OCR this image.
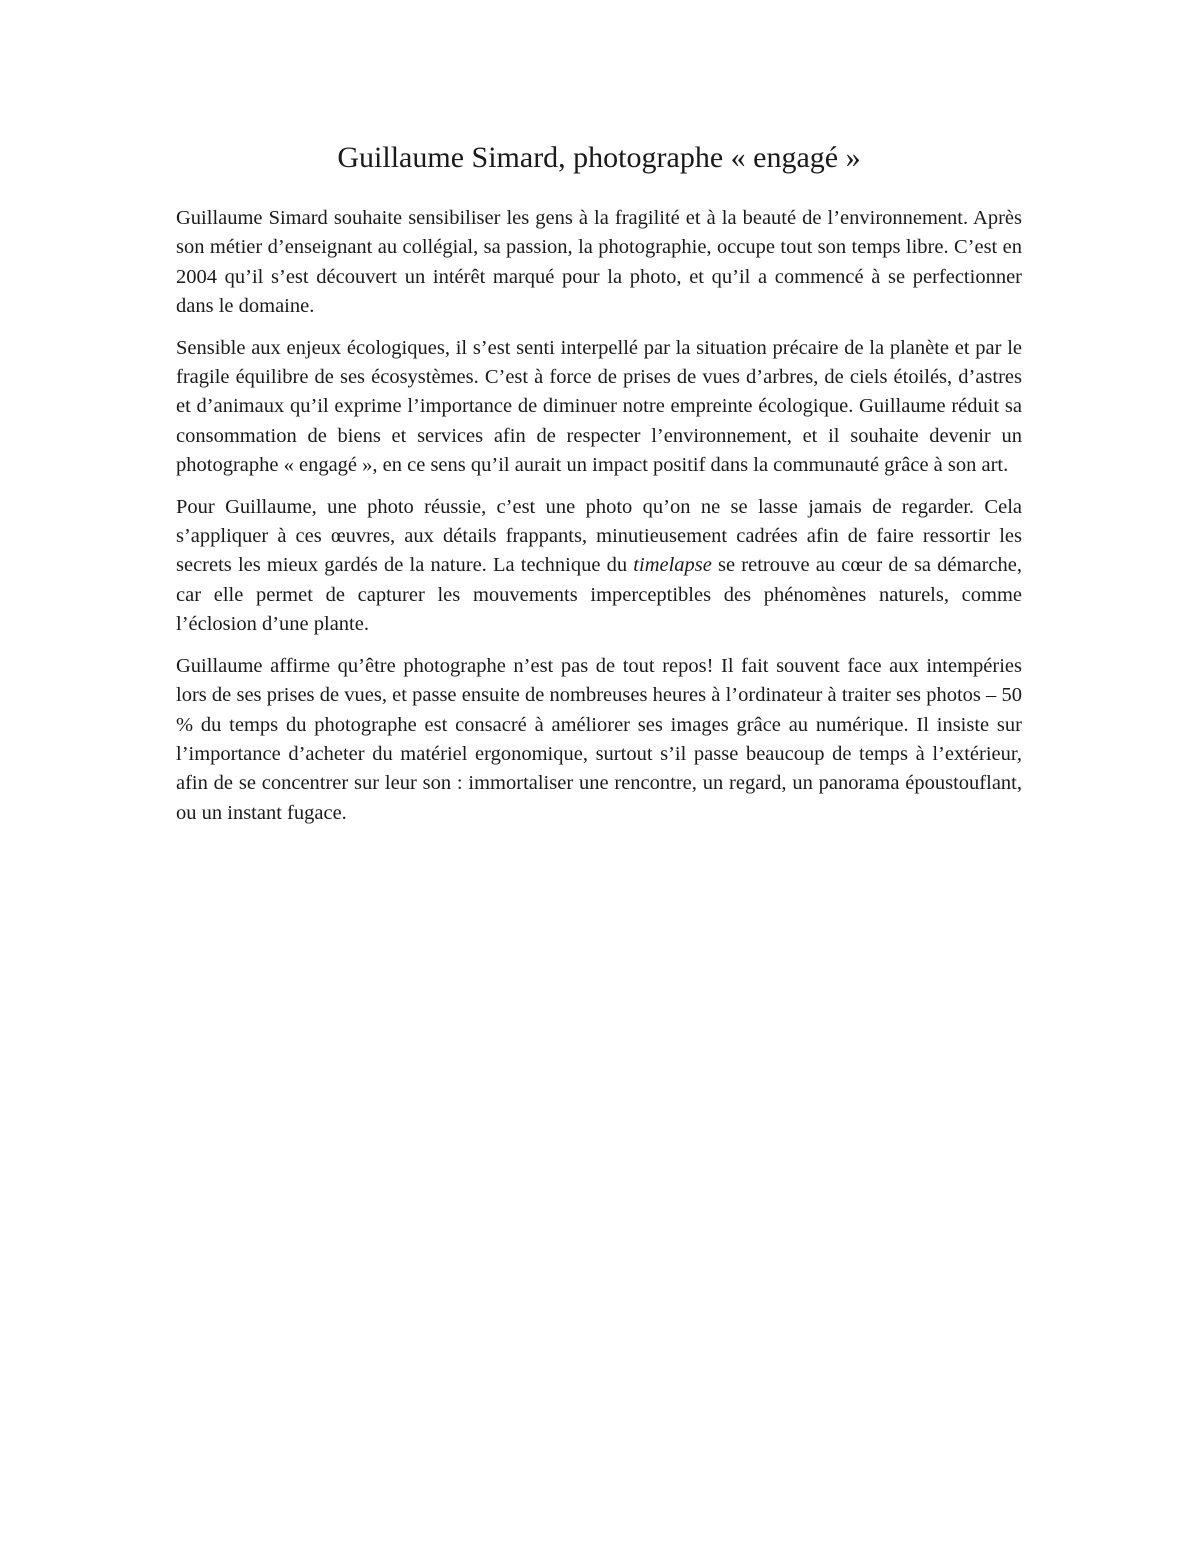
Guillaume Simard, photographe « engagé »

Guillaume Simard souhaite sensibiliser les gens à la fragilité et à la beauté de l’environnement. Après son métier d’enseignant au collégial, sa passion, la photographie, occupe tout son temps libre. C’est en 2004 qu’il s’est découvert un intérêt marqué pour la photo, et qu’il a commencé à se perfectionner dans le domaine.

Sensible aux enjeux écologiques, il s’est senti interpellé par la situation précaire de la planète et par le fragile équilibre de ses écosystèmes. C’est à force de prises de vues d’arbres, de ciels étoilés, d’astres et d’animaux qu’il exprime l’importance de diminuer notre empreinte écologique. Guillaume réduit sa consommation de biens et services afin de respecter l’environnement, et il souhaite devenir un photographe « engagé », en ce sens qu’il aurait un impact positif dans la communauté grâce à son art.

Pour Guillaume, une photo réussie, c’est une photo qu’on ne se lasse jamais de regarder. Cela s’appliquer à ces œuvres, aux détails frappants, minutieusement cadrées afin de faire ressortir les secrets les mieux gardés de la nature. La technique du timelapse se retrouve au cœur de sa démarche, car elle permet de capturer les mouvements imperceptibles des phénomènes naturels, comme l’éclosion d’une plante.

Guillaume affirme qu’être photographe n’est pas de tout repos! Il fait souvent face aux intempéries lors de ses prises de vues, et passe ensuite de nombreuses heures à l’ordinateur à traiter ses photos – 50 % du temps du photographe est consacré à améliorer ses images grâce au numérique. Il insiste sur l’importance d’acheter du matériel ergonomique, surtout s’il passe beaucoup de temps à l’extérieur, afin de se concentrer sur leur son : immortaliser une rencontre, un regard, un panorama époustouflant, ou un instant fugace.
